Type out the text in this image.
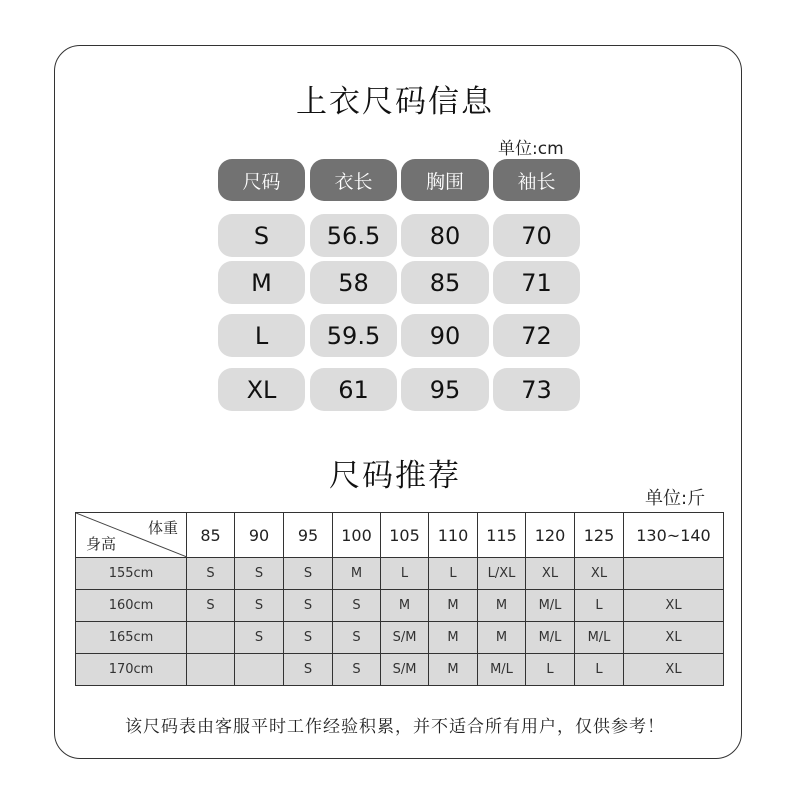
上衣尺码信息
单位:cm
尺码	衣长	胸围	袖长
S	56.5	80	70
M	58	85	71
L	59.5	90	72
XL	61	95	73
尺码推荐
单位:斤
体重
身高	85	90	95	100	105	110	115	120	125	130~140
155cm	S	S	S	M	L	L	L/XL	XL	XL	
160cm	S	S	S	S	M	M	M	M/L	L	XL
165cm		S	S	S	S/M	M	M	M/L	M/L	XL
170cm			S	S	S/M	M	M/L	L	L	XL
该尺码表由客服平时工作经验积累，并不适合所有用户，仅供参考！
